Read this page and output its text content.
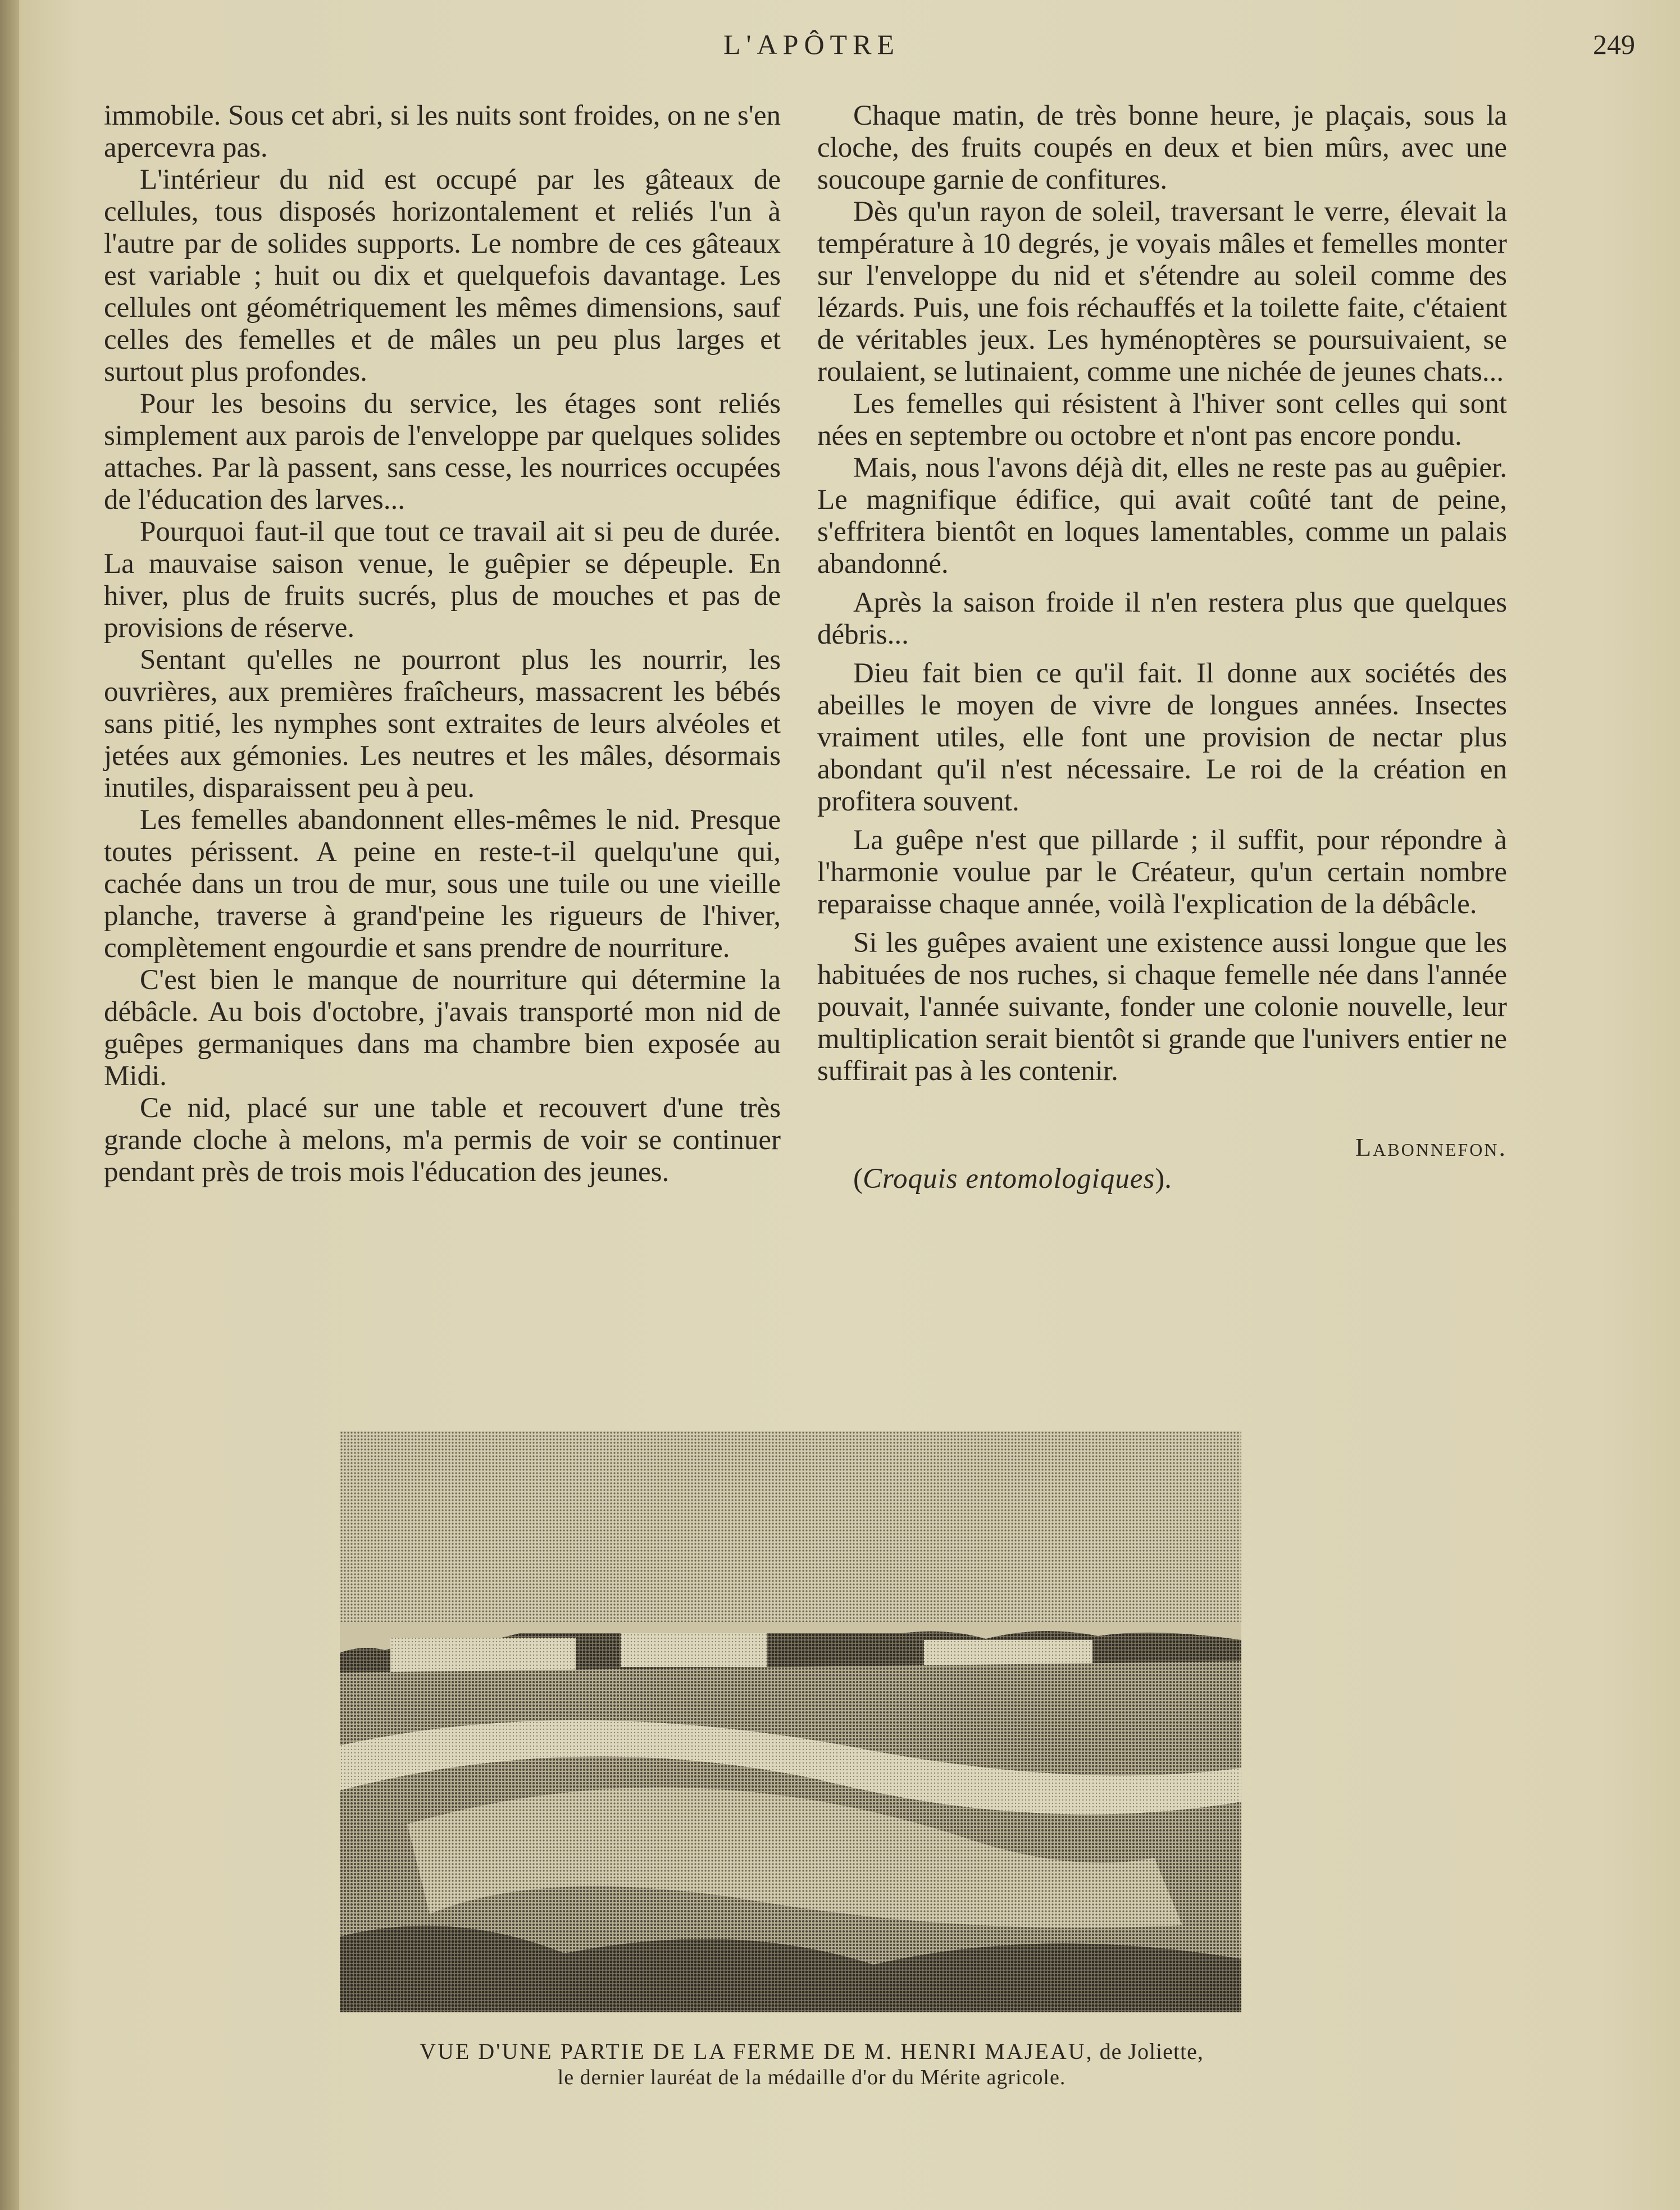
L'APÔTRE	249

immobile. Sous cet abri, si les nuits sont froides, on ne s'en apercevra pas.

L'intérieur du nid est occupé par les gâteaux de cellules, tous disposés horizontalement et reliés l'un à l'autre par de solides supports. Le nombre de ces gâteaux est variable ; huit ou dix et quelquefois davantage. Les cellules ont géométriquement les mêmes dimensions, sauf celles des femelles et de mâles un peu plus larges et surtout plus profondes.

Pour les besoins du service, les étages sont reliés simplement aux parois de l'enveloppe par quelques solides attaches. Par là passent, sans cesse, les nourrices occupées de l'éducation des larves...

Pourquoi faut-il que tout ce travail ait si peu de durée. La mauvaise saison venue, le guêpier se dépeuple. En hiver, plus de fruits sucrés, plus de mouches et pas de provisions de réserve.

Sentant qu'elles ne pourront plus les nourrir, les ouvrières, aux premières fraîcheurs, massacrent les bébés sans pitié, les nymphes sont extraites de leurs alvéoles et jetées aux gémonies. Les neutres et les mâles, désormais inutiles, disparaissent peu à peu.

Les femelles abandonnent elles-mêmes le nid. Presque toutes périssent. A peine en reste-t-il quelqu'une qui, cachée dans un trou de mur, sous une tuile ou une vieille planche, traverse à grand'peine les rigueurs de l'hiver, complètement engourdie et sans prendre de nourriture.

C'est bien le manque de nourriture qui détermine la débâcle. Au bois d'octobre, j'avais transporté mon nid de guêpes germaniques dans ma chambre bien exposée au Midi.

Ce nid, placé sur une table et recouvert d'une très grande cloche à melons, m'a permis de voir se continuer pendant près de trois mois l'éducation des jeunes.

Chaque matin, de très bonne heure, je plaçais, sous la cloche, des fruits coupés en deux et bien mûrs, avec une soucoupe garnie de confitures.

Dès qu'un rayon de soleil, traversant le verre, élevait la température à 10 degrés, je voyais mâles et femelles monter sur l'enveloppe du nid et s'étendre au soleil comme des lézards. Puis, une fois réchauffés et la toilette faite, c'étaient de véritables jeux. Les hyménoptères se poursuivaient, se roulaient, se lutinaient, comme une nichée de jeunes chats...

Les femelles qui résistent à l'hiver sont celles qui sont nées en septembre ou octobre et n'ont pas encore pondu.

Mais, nous l'avons déjà dit, elles ne reste pas au guêpier. Le magnifique édifice, qui avait coûté tant de peine, s'effritera bientôt en loques lamentables, comme un palais abandonné.

Après la saison froide il n'en restera plus que quelques débris...

Dieu fait bien ce qu'il fait. Il donne aux sociétés des abeilles le moyen de vivre de longues années. Insectes vraiment utiles, elle font une provision de nectar plus abondant qu'il n'est nécessaire. Le roi de la création en profitera souvent.

La guêpe n'est que pillarde ; il suffit, pour répondre à l'harmonie voulue par le Créateur, qu'un certain nombre reparaisse chaque année, voilà l'explication de la débâcle.

Si les guêpes avaient une existence aussi longue que les habituées de nos ruches, si chaque femelle née dans l'année pouvait, l'année suivante, fonder une colonie nouvelle, leur multiplication serait bientôt si grande que l'univers entier ne suffirait pas à les contenir.

Labonnefon.

(Croquis entomologiques).

VUE D'UNE PARTIE DE LA FERME DE M. HENRI MAJEAU, de Joliette,
le dernier lauréat de la médaille d'or du Mérite agricole.
